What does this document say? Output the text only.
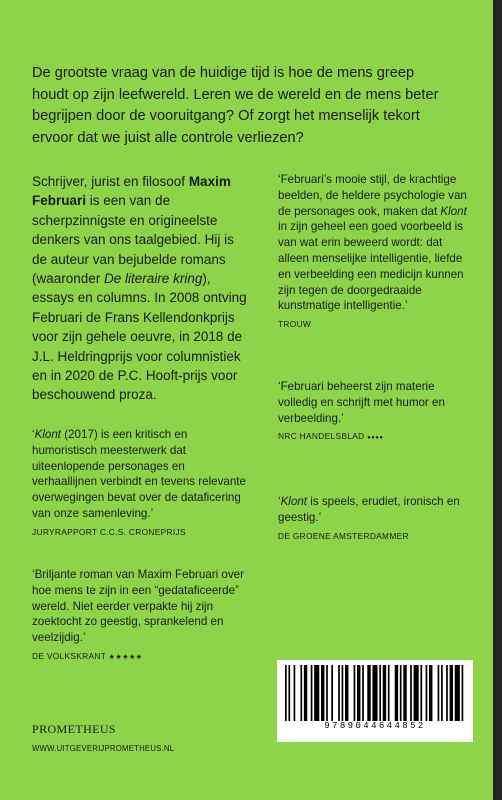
De grootste vraag van de huidige tijd is hoe de mens greep houdt op zijn leefwereld. Leren we de wereld en de mens beter begrijpen door de vooruitgang? Of zorgt het menselijk tekort ervoor dat we juist alle controle verliezen?
Schrijver, jurist en filosoof Maxim Februari is een van de scherpzinnigste en origineelste denkers van ons taalgebied. Hij is de auteur van bejubelde romans (waaronder De literaire kring), essays en columns. In 2008 ontving Februari de Frans Kellendonkprijs voor zijn gehele oeuvre, in 2018 de J.L. Heldringprijs voor columnistiek en in 2020 de P.C. Hooft-prijs voor beschouwend proza.
‘Klont (2017) is een kritisch en humoristisch meesterwerk dat uiteenlopende personages en verhaallijnen verbindt en tevens relevante overwegingen bevat over de dataficering van onze samenleving.’
JURYRAPPORT C.C.S. CRONEPRIJS
‘Briljante roman van Maxim Februari over hoe mens te zijn in een “gedataficeerde” wereld. Niet eerder verpakte hij zijn zoektocht zo geestig, sprankelend en veelzijdig.’
DE VOLKSKRANT ★★★★★
‘Februari’s mooie stijl, de krachtige beelden, de heldere psychologie van de personages ook, maken dat Klont in zijn geheel een goed voorbeeld is van wat erin beweerd wordt: dat alleen menselijke intelligentie, liefde en verbeelding een medicijn kunnen zijn tegen de doorgedraaide kunstmatige intelligentie.’
TROUW
‘Februari beheerst zijn materie volledig en schrijft met humor en verbeelding.’
NRC HANDELSBLAD ●●●●
‘Klont is speels, erudiet, ironisch en geestig.’
DE GROENE AMSTERDAMMER
PROMETHEUS
WWW.UITGEVERIJPROMETHEUS.NL
9789044644852
